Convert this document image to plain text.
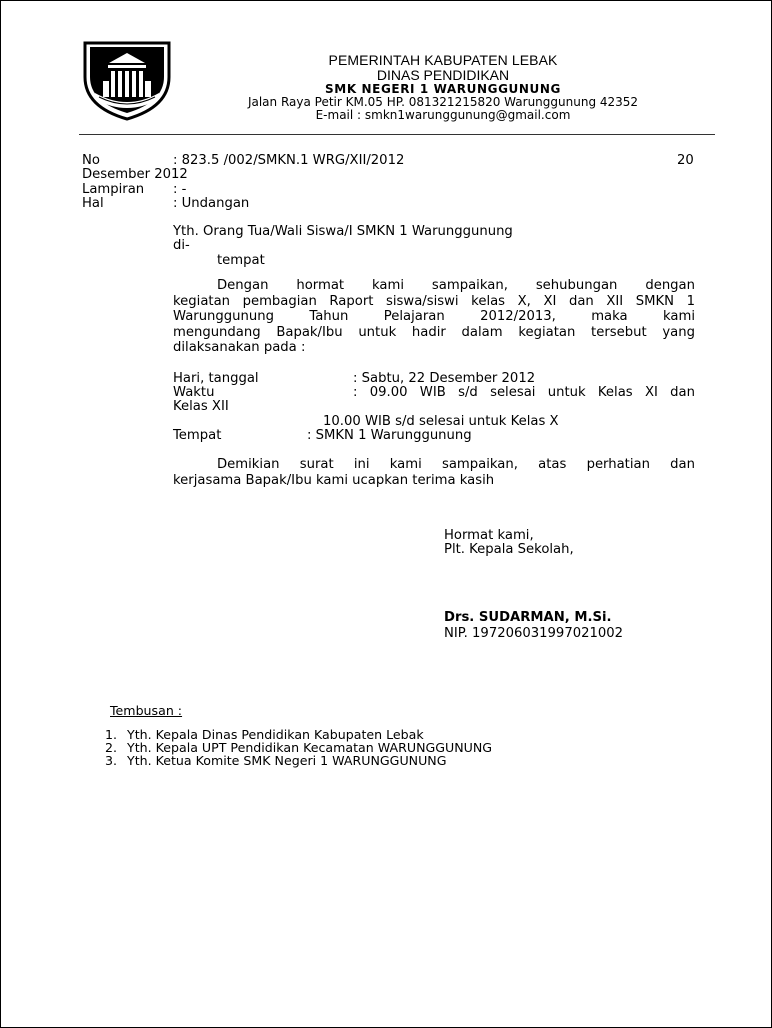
PEMERINTAH KABUPATEN LEBAK
DINAS PENDIDIKAN
SMK NEGERI 1 WARUNGGUNUNG
Jalan Raya Petir KM.05 HP. 081321215820 Warunggunung 42352
E-mail : smkn1warunggunung@gmail.com
No	: 823.5 /002/SMKN.1 WRG/XII/2012	20
Desember 2012
Lampiran : -
Hal	: Undangan
Yth. Orang Tua/Wali Siswa/I SMKN 1 Warunggunung
di-
tempat
Dengan hormat kami sampaikan, sehubungan dengan
kegiatan pembagian Raport siswa/siswi kelas X, XI dan XII SMKN 1
Warunggunung Tahun Pelajaran 2012/2013, maka kami
mengundang Bapak/Ibu untuk hadir dalam kegiatan tersebut yang
dilaksanakan pada :
Hari, tanggal	: Sabtu, 22 Desember 2012
Waktu	: 09.00 WIB s/d selesai untuk Kelas XI dan
Kelas XII
10.00 WIB s/d selesai untuk Kelas X
Tempat	: SMKN 1 Warunggunung
Demikian surat ini kami sampaikan, atas perhatian dan
kerjasama Bapak/Ibu kami ucapkan terima kasih
Hormat kami,
Plt. Kepala Sekolah,
Drs. SUDARMAN, M.Si.
NIP. 197206031997021002
Tembusan :
1. Yth. Kepala Dinas Pendidikan Kabupaten Lebak
2. Yth. Kepala UPT Pendidikan Kecamatan WARUNGGUNUNG
3. Yth. Ketua Komite SMK Negeri 1 WARUNGGUNUNG
